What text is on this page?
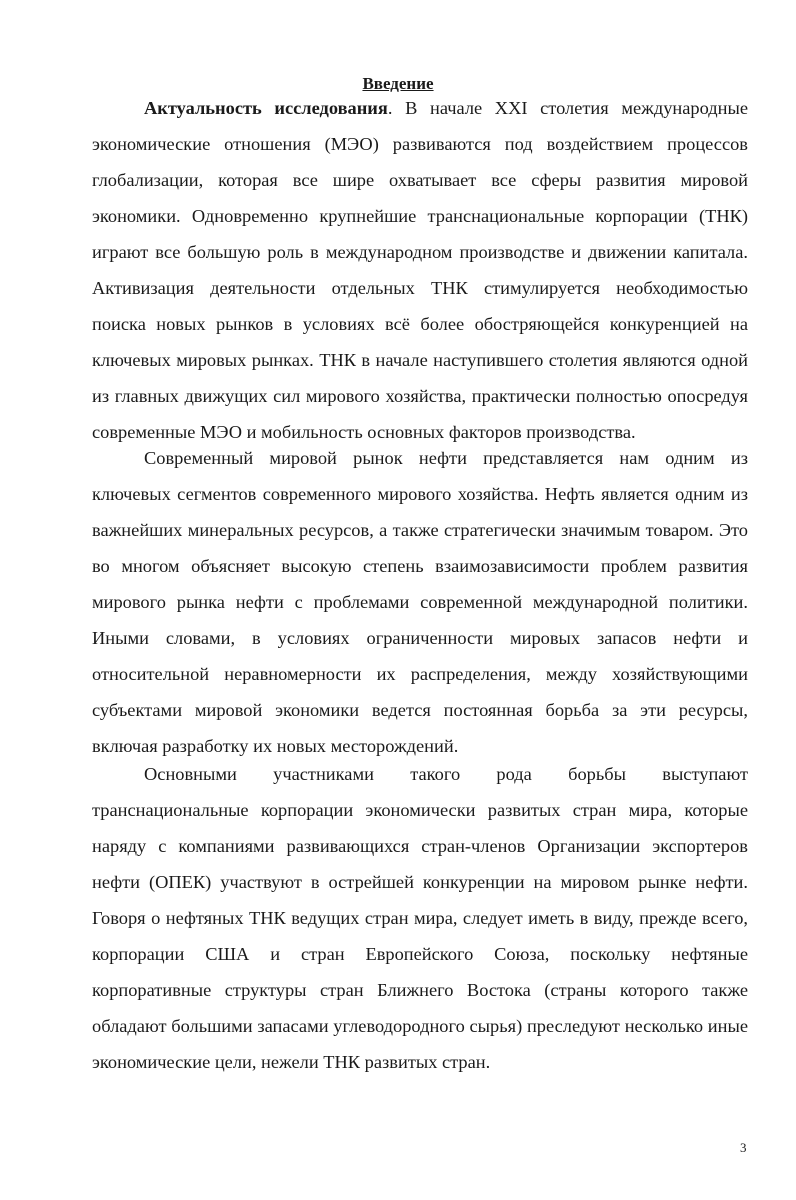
Введение

Актуальность исследования. В начале XXI столетия международные экономические отношения (МЭО) развиваются под воздействием процессов глобализации, которая все шире охватывает все сферы развития мировой экономики. Одновременно крупнейшие транснациональные корпорации (ТНК) играют все большую роль в международном производстве и движении капитала. Активизация деятельности отдельных ТНК стимулируется необходимостью поиска новых рынков в условиях всё более обостряющейся конкуренцией на ключевых мировых рынках. ТНК в начале наступившего столетия являются одной из главных движущих сил мирового хозяйства, практически полностью опосредуя современные МЭО и мобильность основных факторов производства.

Современный мировой рынок нефти представляется нам одним из ключевых сегментов современного мирового хозяйства. Нефть является одним из важнейших минеральных ресурсов, а также стратегически значимым товаром. Это во многом объясняет высокую степень взаимозависимости проблем развития мирового рынка нефти с проблемами современной международной политики. Иными словами, в условиях ограниченности мировых запасов нефти и относительной неравномерности их распределения, между хозяйствующими субъектами мировой экономики ведется постоянная борьба за эти ресурсы, включая разработку их новых месторождений.

Основными участниками такого рода борьбы выступают транснациональные корпорации экономически развитых стран мира, которые наряду с компаниями развивающихся стран-членов Организации экспортеров нефти (ОПЕК) участвуют в острейшей конкуренции на мировом рынке нефти. Говоря о нефтяных ТНК ведущих стран мира, следует иметь в виду, прежде всего, корпорации США и стран Европейского Союза, поскольку нефтяные корпоративные структуры стран Ближнего Востока (страны которого также обладают большими запасами углеводородного сырья) преследуют несколько иные экономические цели, нежели ТНК развитых стран.

3
